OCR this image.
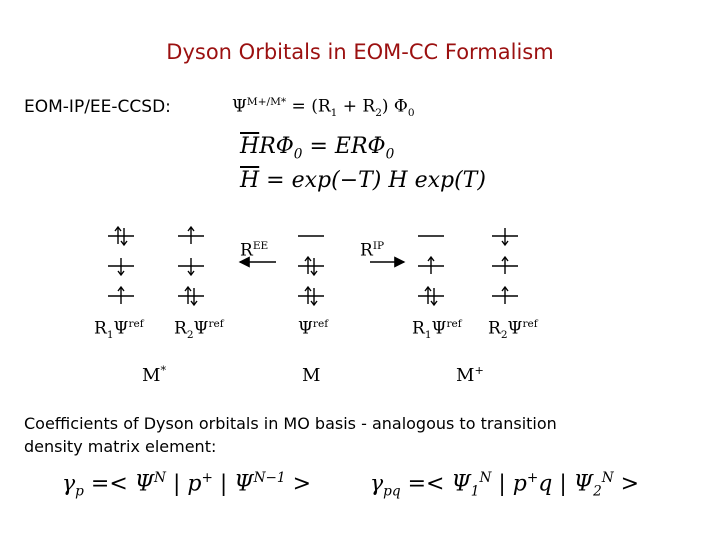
Dyson Orbitals in EOM-CC Formalism
EOM-IP/EE-CCSD:	$\Psi^{M+/M*} = (R_1 + R_2)$ $\Phi_0$
$\overline{H}R\Phi_0 = ER\Phi_0$
$\overline{H} = \exp(-T)$ H exp(T)
$R^{EE}$	$R^{IP}$
$R_1\Psi^{ref}$ $R_2\Psi^{ref}$	$\Psi^{ref}$	$R_1\Psi^{ref}$ $R_2\Psi^{ref}$
M*	M	M+
Coefficients of Dyson orbitals in MO basis - analogous to transition
density matrix element:
$\gamma_p =< \Psi^N$ | p+ | $\Psi^{N-1}$ >	$\gamma_{pq} =< \Psi_1^N$ | p+q | $\Psi_2^N$ >
